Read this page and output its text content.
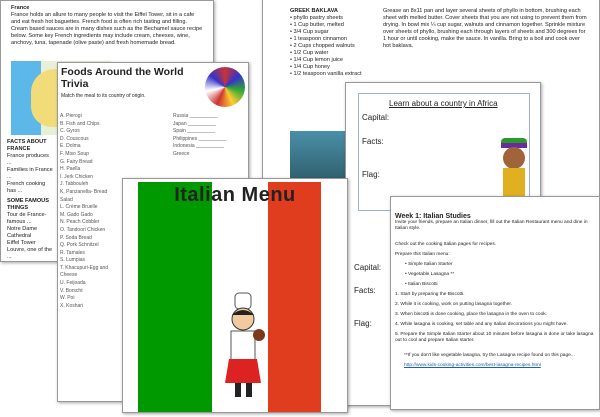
France
France holds an allure to many people to visit the Eiffel Tower, sit in a cafe and eat fresh hot baguettes. French food is often rich tasting and filling. Cream based sauces are in many dishes such as the Bechamel sauce recipe below. Some key French ingredients may include cream, cheeses, wine, anchovy, tuna, tapenade (olive paste) and fresh homemade bread.
FACTS ABOUT FRANCE
France produces ...
Families in France ...
French cooking has ...
SOME FAMOUS THINGS
Tour de France-famous ...
Notre Dame Cathedral
Eiffel Tower
Louvre, one of the ...
GREEK BAKLAVA
• phyllo pastry sheets
• 1 Cup butter, melted
• 3/4 Cup sugar
• 1 teaspoon cinnamon
• 2 Cups chopped walnuts
• 1/2 Cup water
• 1/4 Cup lemon juice
• 1/4 Cup honey
• 1/2 teaspoon vanilla extract
Grease an 8x11 pan and layer several sheets of phyllo in bottom, brushing each sheet with melted butter. Cover sheets that you are not using to prevent them from drying. In bowl mix ¼ cup sugar, walnuts and cinnamon together. Sprinkle mixture over sheets of phyllo, brushing each through layers of sheets and 300 degrees for 1 hour or until cooking, make the sauce. In vanilla. Bring to a boil and cook over hot baklava.
Foods Around the World Trivia
Match the meal to its country of origin.
A. Pierogi
B. Fish and Chips
C. Gyros
D. Couscous
E. Dolma
F. Miso Soup
G. Fairy Bread
H. Paella
I. Jerk Chicken
J. Tabbouleh
K. Panzanella- Bread Salad
L. Crème Bruelle
M. Gado Gado
N. Peach Cobbler
O. Tandoori Chicken
P. Soda Bread
Q. Pork Schnitzel
R. Tamales
S. Lumpias
T. Khacupuri-Egg and Cheese
U. Feijoada
V. Borscht
W. Poi
X. Koshari
Russia __________
Japan __________
Spain __________
Philippines __________
Indonesia __________
Greece
Learn about a country in Africa
Capital:
Facts:
Flag:
Capital:
Facts:
Flag:
Italian Menu
Week 1: Italian Studies
Invite your friends, prepare an Italian dinner, fill out the Italian Restaurant menu and dine in Italian style.
Check out the cooking Italian pages for recipes.
Prepare this Italian menu:
• Simple Italian Starter
• Vegetable Lasagna **
• Italian Biscotti
1. Start by preparing the Biscotti.
2. While it is cooking, work on putting lasagna together.
3. When biscotti is done cooking, place the lasagna in the oven to cook.
4. While lasagna is cooking, set table and any Italian decorations you might have.
5. Prepare the Simple Italian Starter about 10 minutes before lasagna is done or take lasagna out to cool and prepare Italian starter.
**If you don't like vegetable lasagna, try the Lasagna recipe found on this page...
http://www.kids-cooking-activities.com/best-lasagna-recipes.html
